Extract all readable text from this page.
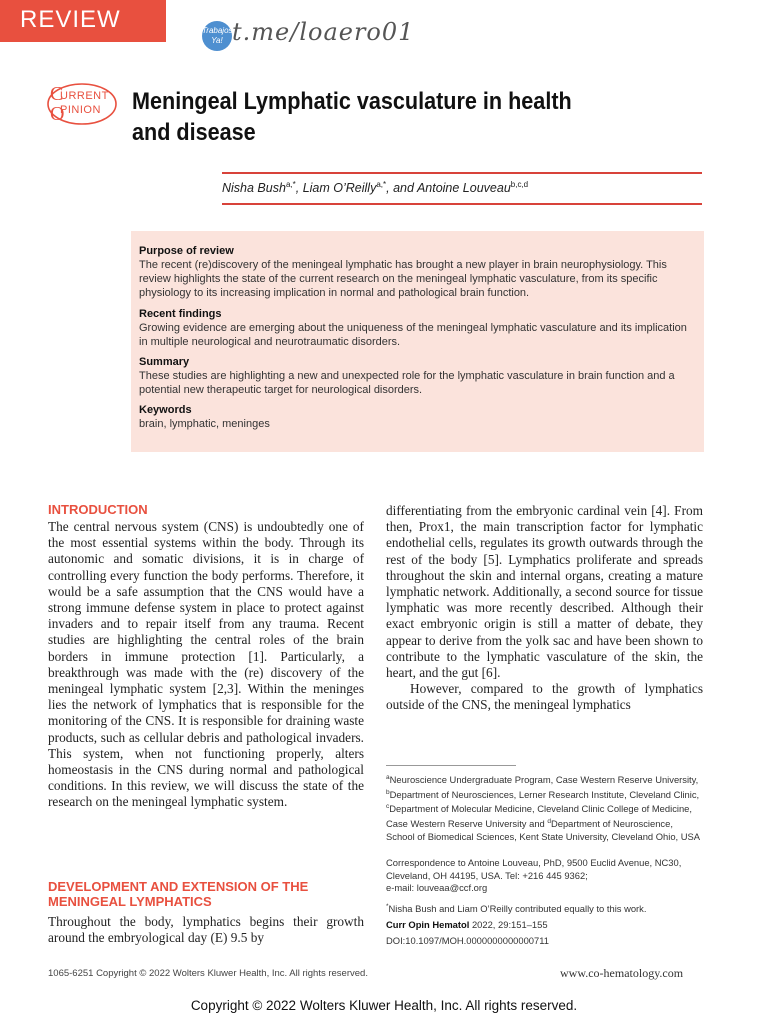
REVIEW	Trabajos Ya! t.me/loaero01
C
O
URRENT
PINION Meningeal Lymphatic vasculature in health
and disease
Nisha Bush$^{a,*}$, Liam O’Reilly$^{a,*}$, and Antoine Louveau$^{b,c,d}$
Purpose of review
The recent (re)discovery of the meningeal lymphatic has brought a new player in brain neurophysiology. This review highlights the state of the current research on the meningeal lymphatic vasculature, from its specific physiology to its increasing implication in normal and pathological brain function.
Recent findings
Growing evidence are emerging about the uniqueness of the meningeal lymphatic vasculature and its implication in multiple neurological and neurotraumatic disorders.
Summary
These studies are highlighting a new and unexpected role for the lymphatic vasculature in brain function and a potential new therapeutic target for neurological disorders.
Keywords
brain, lymphatic, meninges
INTRODUCTION
The central nervous system (CNS) is undoubtedly one of the most essential systems within the body. Through its autonomic and somatic divisions, it is in charge of controlling every function the body performs. Therefore, it would be a safe assumption that the CNS would have a strong immune defense system in place to protect against invaders and to repair itself from any trauma. Recent studies are highlighting the central roles of the brain borders in immune protection [1]. Particularly, a breakthrough was made with the (re) discovery of the meningeal lymphatic system [2,3]. Within the meninges lies the network of lymphatics that is responsible for the monitoring of the CNS. It is responsible for draining waste products, such as cellular debris and pathological invaders. This system, when not functioning properly, alters homeostasis in the CNS during normal and pathological conditions. In this review, we will discuss the state of the research on the meningeal lymphatic system.
DEVELOPMENT AND EXTENSION OF THE
MENINGEAL LYMPHATICS
Throughout the body, lymphatics begins their growth around the embryological day (E) 9.5 by
differentiating from the embryonic cardinal vein [4]. From then, Prox1, the main transcription factor for lymphatic endothelial cells, regulates its growth outwards through the rest of the body [5]. Lymphatics proliferate and spreads throughout the skin and internal organs, creating a mature lymphatic network. Additionally, a second source for tissue lymphatic was more recently described. Although their exact embryonic origin is still a matter of debate, they appear to derive from the yolk sac and have been shown to contribute to the lymphatic vasculature of the skin, the heart, and the gut [6].
However, compared to the growth of lymphatics outside of the CNS, the meningeal lymphatics
$^a$Neuroscience Undergraduate Program, Case Western Reserve University, $^b$Department of Neurosciences, Lerner Research Institute, Cleveland Clinic, $^c$Department of Molecular Medicine, Cleveland Clinic College of Medicine, Case Western Reserve University and $^d$Department of Neuroscience, School of Biomedical Sciences, Kent State University, Cleveland Ohio, USA
Correspondence to Antoine Louveau, PhD, 9500 Euclid Avenue, NC30, Cleveland, OH 44195, USA. Tel: +216 445 9362;
e-mail: louveaa@ccf.org
*Nisha Bush and Liam O’Reilly contributed equally to this work.
Curr Opin Hematol 2022, 29:151–155
DOI:10.1097/MOH.0000000000000711
1065-6251 Copyright © 2022 Wolters Kluwer Health, Inc. All rights reserved.	www.co-hematology.com
Copyright © 2022 Wolters Kluwer Health, Inc. All rights reserved.
